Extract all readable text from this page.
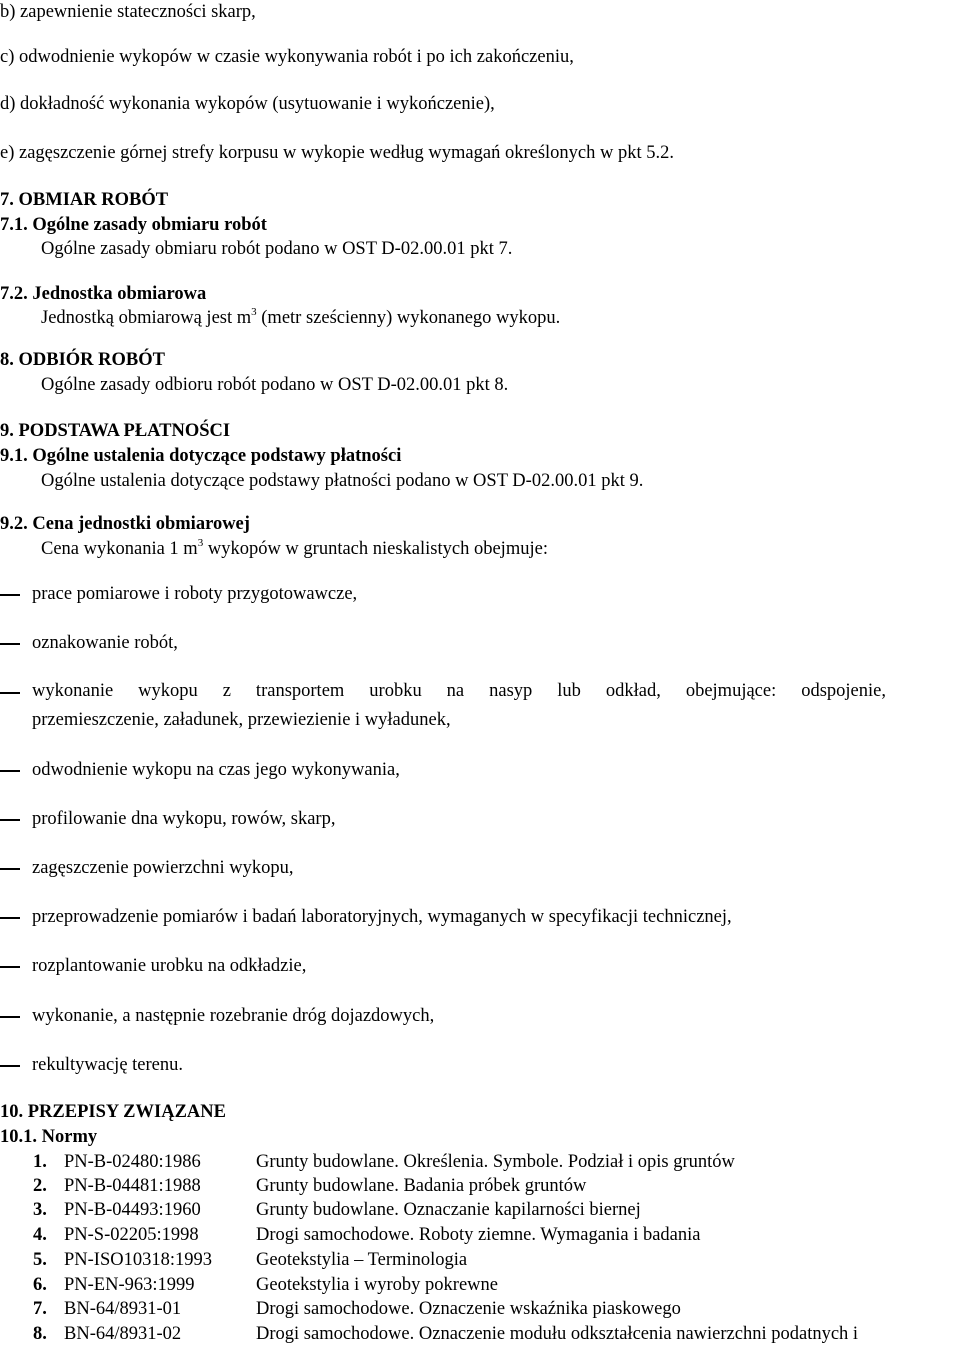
b) zapewnienie stateczności skarp,
c) odwodnienie wykopów w czasie wykonywania robót i po ich zakończeniu,
d) dokładność wykonania wykopów (usytuowanie i wykończenie),
e) zagęszczenie górnej strefy korpusu w wykopie według wymagań określonych w pkt 5.2.
7. OBMIAR ROBÓT
7.1. Ogólne zasady obmiaru robót
Ogólne zasady obmiaru robót podano w OST D-02.00.01 pkt 7.
7.2. Jednostka obmiarowa
Jednostką obmiarową jest $m^3$ (metr sześcienny) wykonanego wykopu.
8. ODBIÓR ROBÓT
Ogólne zasady odbioru robót podano w OST D-02.00.01 pkt 8.
9. PODSTAWA PŁATNOŚCI
9.1. Ogólne ustalenia dotyczące podstawy płatności
Ogólne ustalenia dotyczące podstawy płatności podano w OST D-02.00.01 pkt 9.
9.2. Cena jednostki obmiarowej
Cena wykonania 1 $m^3$ wykopów w gruntach nieskalistych obejmuje:
prace pomiarowe i roboty przygotowawcze,
oznakowanie robót,
wykonanie wykopu z transportem urobku na nasyp lub odkład, obejmujące: odspojenie,
przemieszczenie, załadunek, przewiezienie i wyładunek,
odwodnienie wykopu na czas jego wykonywania,
profilowanie dna wykopu, rowów, skarp,
zagęszczenie powierzchni wykopu,
przeprowadzenie pomiarów i badań laboratoryjnych, wymaganych w specyfikacji technicznej,
rozplantowanie urobku na odkładzie,
wykonanie, a następnie rozebranie dróg dojazdowych,
rekultywację terenu.
10. PRZEPISY ZWIĄZANE
10.1. Normy
1. PN-B-02480:1986	Grunty budowlane. Określenia. Symbole. Podział i opis gruntów
2. PN-B-04481:1988	Grunty budowlane. Badania próbek gruntów
3. PN-B-04493:1960	Grunty budowlane. Oznaczanie kapilarności biernej
4. PN-S-02205:1998	Drogi samochodowe. Roboty ziemne. Wymagania i badania
5. PN-ISO10318:1993 Geotekstylia – Terminologia
6. PN-EN-963:1999	Geotekstylia i wyroby pokrewne
7. BN-64/8931-01	Drogi samochodowe. Oznaczenie wskaźnika piaskowego
8. BN-64/8931-02	Drogi samochodowe. Oznaczenie modułu odkształcenia nawierzchni podatnych i
